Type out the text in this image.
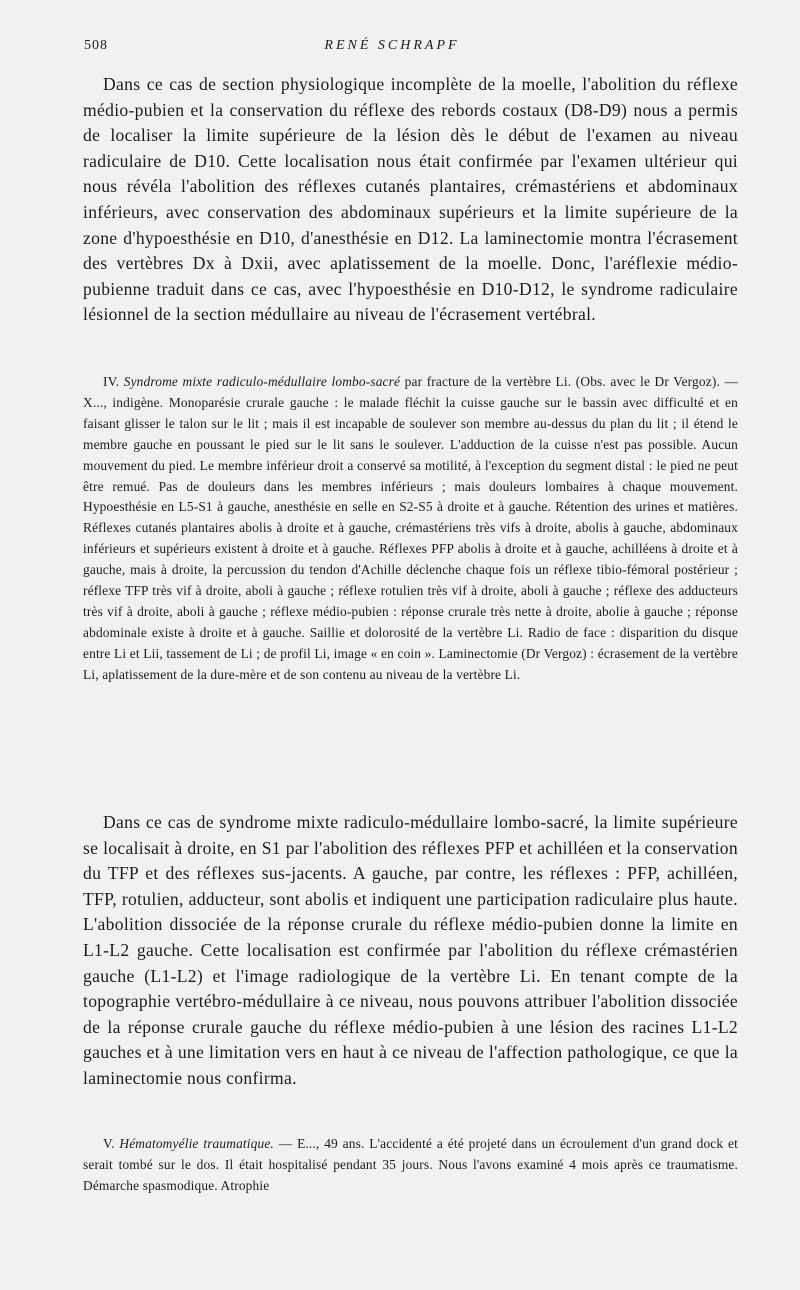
508	RENÉ SCHRAPF

Dans ce cas de section physiologique incomplète de la moelle, l'abolition du réflexe médio-pubien et la conservation du réflexe des rebords costaux (D8-D9) nous a permis de localiser la limite supérieure de la lésion dès le début de l'examen au niveau radiculaire de D10. Cette localisation nous était confirmée par l'examen ultérieur qui nous révéla l'abolition des réflexes cutanés plantaires, crémastériens et abdominaux inférieurs, avec conservation des abdominaux supérieurs et la limite supérieure de la zone d'hypoesthésie en D10, d'anesthésie en D12. La laminectomie montra l'écrasement des vertèbres Dx à Dxii, avec aplatissement de la moelle. Donc, l'aréflexie médio-pubienne traduit dans ce cas, avec l'hypoesthésie en D10-D12, le syndrome radiculaire lésionnel de la section médullaire au niveau de l'écrasement vertébral.

IV. Syndrome mixte radiculo-médullaire lombo-sacré par fracture de la vertèbre Li. (Obs. avec le Dr Vergoz). — X..., indigène. Monoparésie crurale gauche : le malade fléchit la cuisse gauche sur le bassin avec difficulté et en faisant glisser le talon sur le lit ; mais il est incapable de soulever son membre au-dessus du plan du lit ; il étend le membre gauche en poussant le pied sur le lit sans le soulever. L'adduction de la cuisse n'est pas possible. Aucun mouvement du pied. Le membre inférieur droit a conservé sa motilité, à l'exception du segment distal : le pied ne peut être remué. Pas de douleurs dans les membres inférieurs ; mais douleurs lombaires à chaque mouvement. Hypoesthésie en L5-S1 à gauche, anesthésie en selle en S2-S5 à droite et à gauche. Rétention des urines et matières. Réflexes cutanés plantaires abolis à droite et à gauche, crémastériens très vifs à droite, abolis à gauche, abdominaux inférieurs et supérieurs existent à droite et à gauche. Réflexes PFP abolis à droite et à gauche, achilléens à droite et à gauche, mais à droite, la percussion du tendon d'Achille déclenche chaque fois un réflexe tibio-fémoral postérieur ; réflexe TFP très vif à droite, aboli à gauche ; réflexe rotulien très vif à droite, aboli à gauche ; réflexe des adducteurs très vif à droite, aboli à gauche ; réflexe médio-pubien : réponse crurale très nette à droite, abolie à gauche ; réponse abdominale existe à droite et à gauche. Saillie et dolorosité de la vertèbre Li. Radio de face : disparition du disque entre Li et Lii, tassement de Li ; de profil Li, image « en coin ». Laminectomie (Dr Vergoz) : écrasement de la vertèbre Li, aplatissement de la dure-mère et de son contenu au niveau de la vertèbre Li.

Dans ce cas de syndrome mixte radiculo-médullaire lombo-sacré, la limite supérieure se localisait à droite, en S1 par l'abolition des réflexes PFP et achilléen et la conservation du TFP et des réflexes sus-jacents. A gauche, par contre, les réflexes : PFP, achilléen, TFP, rotulien, adducteur, sont abolis et indiquent une participation radiculaire plus haute. L'abolition dissociée de la réponse crurale du réflexe médio-pubien donne la limite en L1-L2 gauche. Cette localisation est confirmée par l'abolition du réflexe crémastérien gauche (L1-L2) et l'image radiologique de la vertèbre Li. En tenant compte de la topographie vertébro-médullaire à ce niveau, nous pouvons attribuer l'abolition dissociée de la réponse crurale gauche du réflexe médio-pubien à une lésion des racines L1-L2 gauches et à une limitation vers en haut à ce niveau de l'affection pathologique, ce que la laminectomie nous confirma.

V. Hématomyélie traumatique. — E..., 49 ans. L'accidenté a été projeté dans un écroulement d'un grand dock et serait tombé sur le dos. Il était hospitalisé pendant 35 jours. Nous l'avons examiné 4 mois après ce traumatisme. Démarche spasmodique. Atrophie
